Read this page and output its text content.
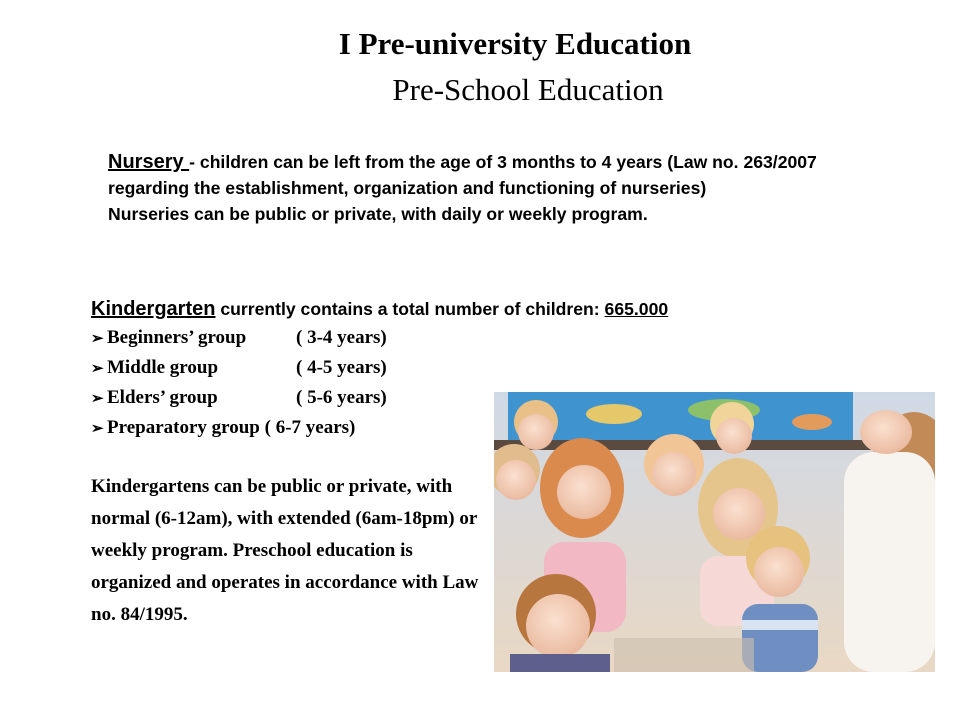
I Pre-university Education
Pre-School Education
Nursery - children can be left from the age of 3 months to 4 years (Law no. 263/2007 regarding the establishment, organization and functioning of nurseries)
Nurseries can be public or private, with daily or weekly program.
Kindergarten currently contains a total number of children: 665.000
➢ Beginners’ group	( 3-4 years)
➢ Middle group	( 4-5 years)
➢ Elders’ group	( 5-6 years)
➢ Preparatory group ( 6-7 years)
Kindergartens can be public or private, with normal (6-12am), with extended (6am-18pm) or weekly program. Preschool education is organized and operates in accordance with Law no. 84/1995.
